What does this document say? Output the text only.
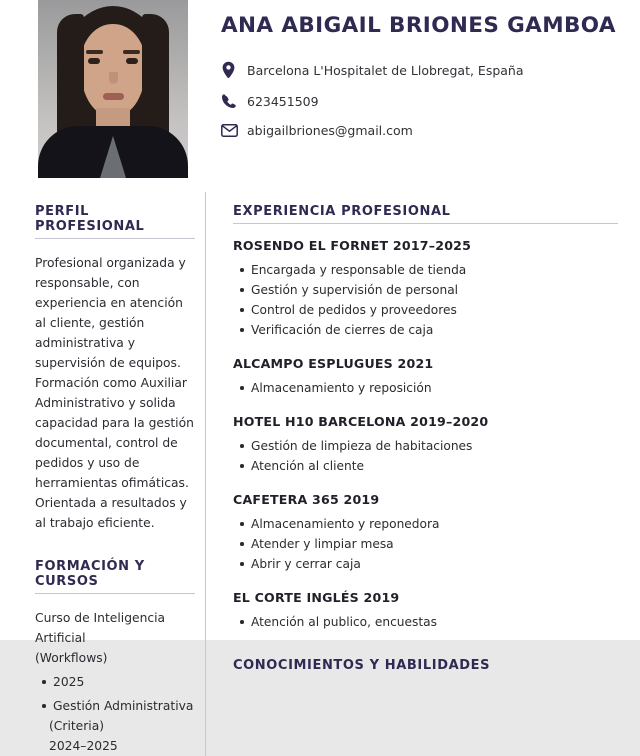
ANA ABIGAIL BRIONES GAMBOA
Barcelona L'Hospitalet de Llobregat, España
623451509
abigailbriones@gmail.com
PERFIL PROFESIONAL

Profesional organizada y responsable, con experiencia en atención al cliente, gestión administrativa y supervisión de equipos. Formación como Auxiliar Administrativo y solida capacidad para la gestión documental, control de pedidos y uso de herramientas ofimáticas. Orientada a resultados y al trabajo eficiente.

FORMACIÓN Y CURSOS

Curso de Inteligencia Artificial

(Workflows)

2025
Gestión Administrativa

(Criteria)

2024–2025

EXPERIENCIA PROFESIONAL
ROSENDO EL FORNET 2017–2025
Encargada y responsable de tienda
Gestión y supervisión de personal
Control de pedidos y proveedores
Verificación de cierres de caja
ALCAMPO ESPLUGUES 2021
Almacenamiento y reposición
HOTEL H10 BARCELONA 2019–2020
Gestión de limpieza de habitaciones
Atención al cliente
CAFETERA 365 2019
Almacenamiento y reponedora
Atender y limpiar mesa
Abrir y cerrar caja
EL CORTE INGLÉS 2019
Atención al publico, encuestas
CONOCIMIENTOS Y HABILIDADES
